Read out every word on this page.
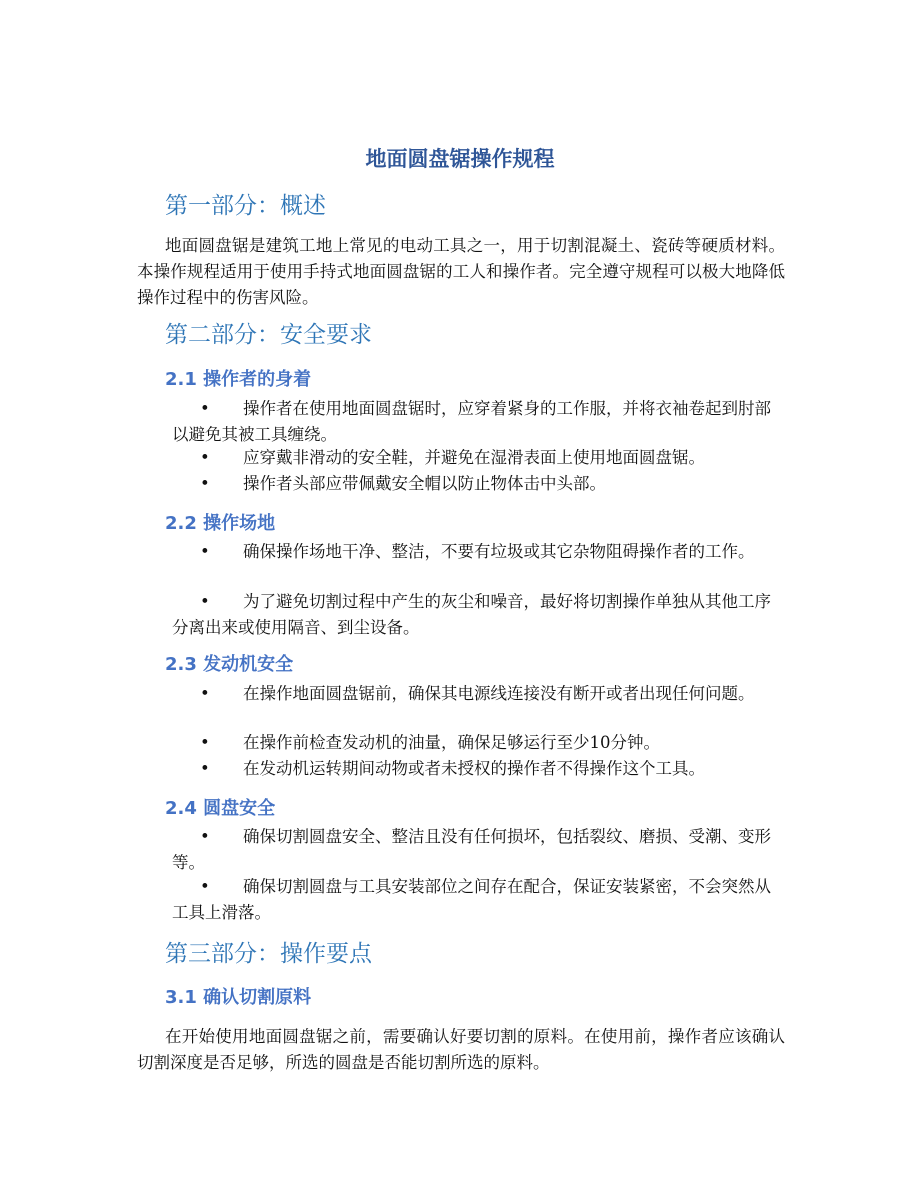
地面圆盘锯操作规程
第一部分：概述

地面圆盘锯是建筑工地上常见的电动工具之一，用于切割混凝土、瓷砖等硬质材料。本操作规程适用于使用手持式地面圆盘锯的工人和操作者。完全遵守规程可以极大地降低操作过程中的伤害风险。

第二部分：安全要求
2.1 操作者的身着

• 操作者在使用地面圆盘锯时，应穿着紧身的工作服，并将衣袖卷起到肘部以避免其被工具缠绕。

• 应穿戴非滑动的安全鞋，并避免在湿滑表面上使用地面圆盘锯。

• 操作者头部应带佩戴安全帽以防止物体击中头部。

2.2 操作场地

• 确保操作场地干净、整洁，不要有垃圾或其它杂物阻碍操作者的工作。

• 为了避免切割过程中产生的灰尘和噪音，最好将切割操作单独从其他工序分离出来或使用隔音、到尘设备。

2.3 发动机安全

• 在操作地面圆盘锯前，确保其电源线连接没有断开或者出现任何问题。

• 在操作前检查发动机的油量，确保足够运行至少10分钟。

• 在发动机运转期间动物或者未授权的操作者不得操作这个工具。

2.4 圆盘安全

• 确保切割圆盘安全、整洁且没有任何损坏，包括裂纹、磨损、受潮、变形等。

• 确保切割圆盘与工具安装部位之间存在配合，保证安装紧密，不会突然从工具上滑落。

第三部分：操作要点
3.1 确认切割原料

在开始使用地面圆盘锯之前，需要确认好要切割的原料。在使用前，操作者应该确认切割深度是否足够，所选的圆盘是否能切割所选的原料。
